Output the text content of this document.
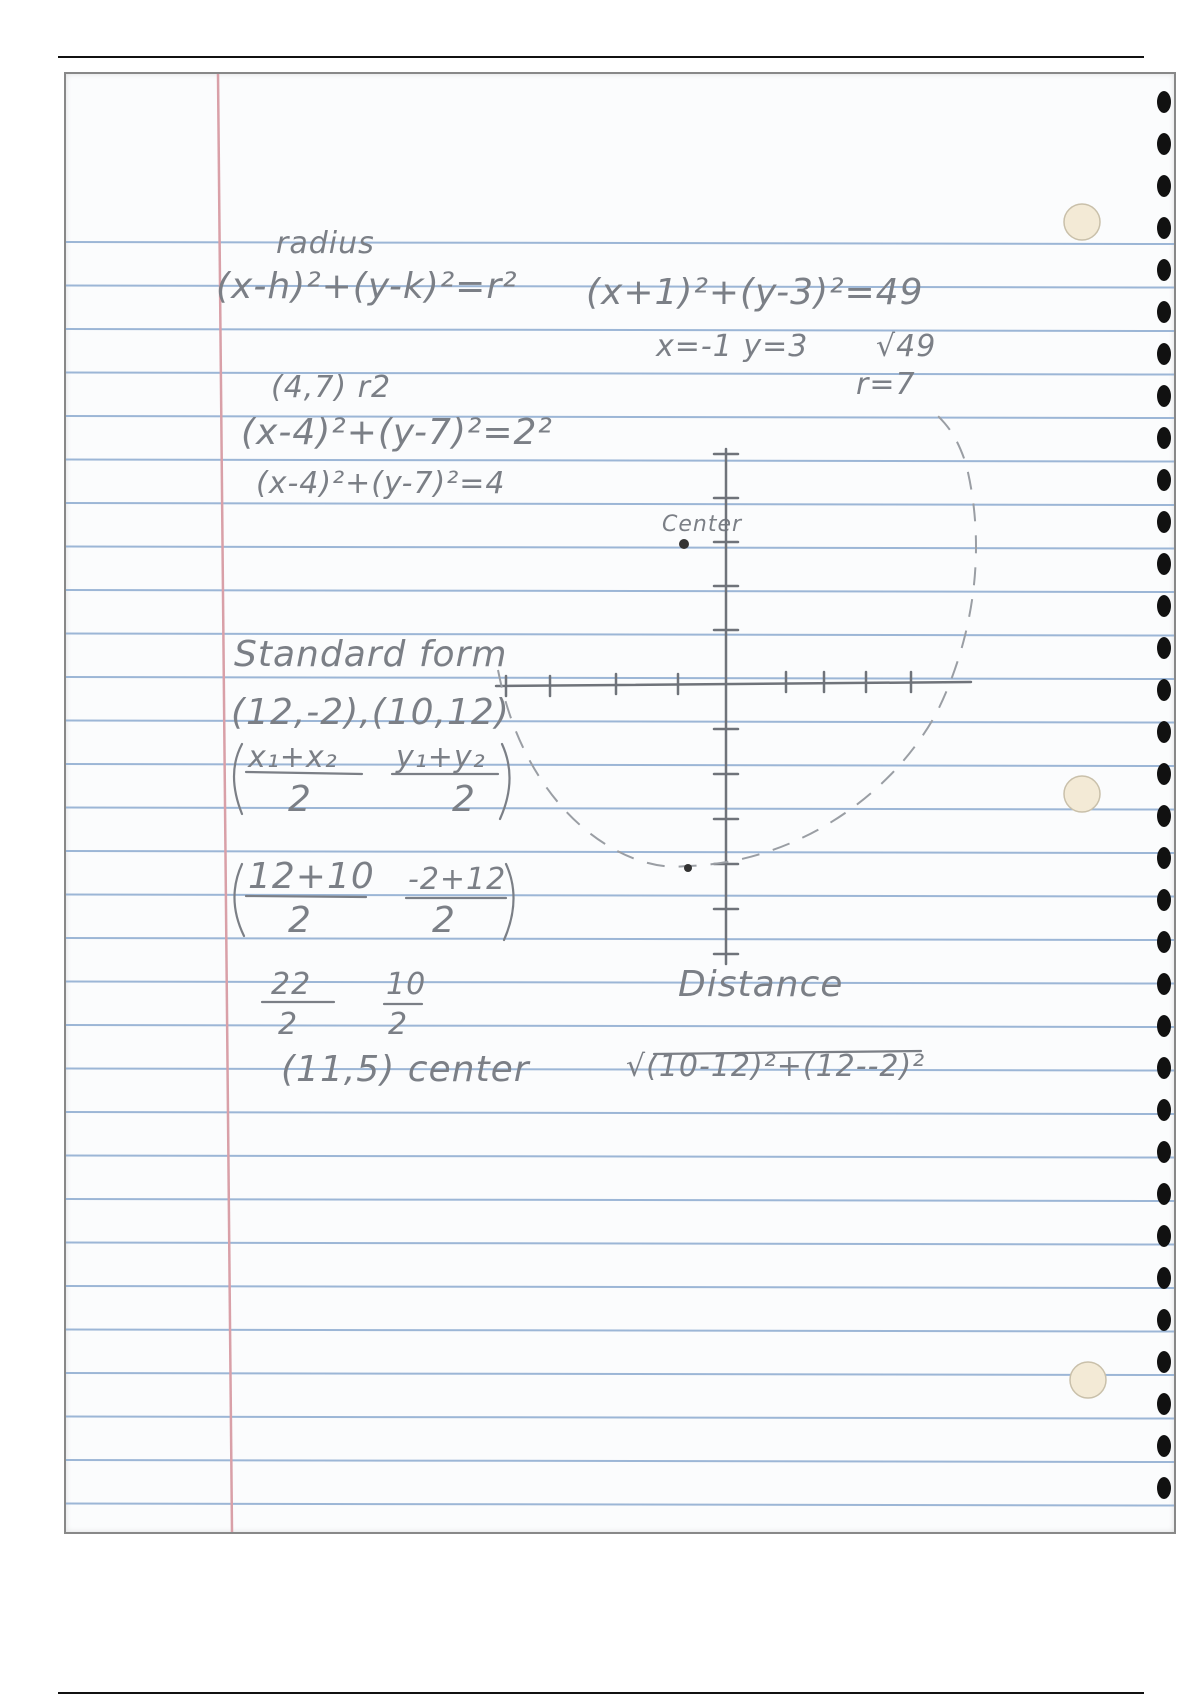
radius
(x-h)²+(y-k)²=r²
(4,7) r2
(x-4)²+(y-7)²=2²
(x-4)²+(y-7)²=4
(x+1)²+(y-3)²=49
x=-1 y=3 √49
r=7
Center
Standard form
(12,-2),(10,12)
x₁+x₂ y₁+y₂
2	2
12+10 -2+12
2	2
22 10
2	2
(11,5) center
Distance
√(10-12)²+(12--2)²
